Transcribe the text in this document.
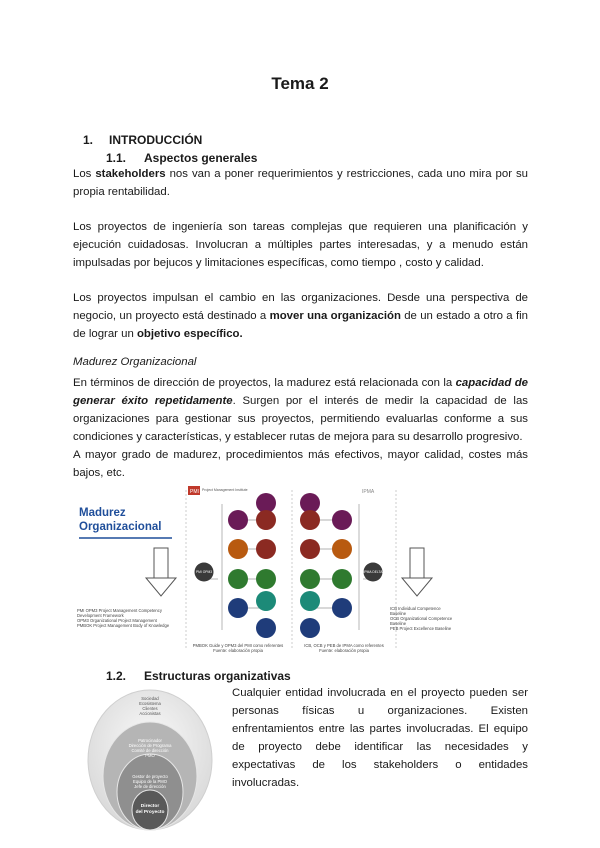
Tema 2
1. INTRODUCCIÓN
1.1. Aspectos generales

Los stakeholders nos van a poner requerimientos y restricciones, cada uno mira por su propia rentabilidad.

Los proyectos de ingeniería son tareas complejas que requieren una planificación y ejecución cuidadosas. Involucran a múltiples partes interesadas, y a menudo están impulsadas por bejucos y limitaciones específicas, como tiempo , costo y calidad.

Los proyectos impulsan el cambio en las organizaciones. Desde una perspectiva de negocio, un proyecto está destinado a mover una organización de un estado a otro a fin de lograr un objetivo específico.

Madurez Organizacional

En términos de dirección de proyectos, la madurez está relacionada con la capacidad de generar éxito repetidamente. Surgen por el interés de medir la capacidad de las organizaciones para gestionar sus proyectos, permitiendo evaluarlas conforme a sus condiciones y características, y establecer rutas de mejora para su desarrollo progresivo.

A mayor grado de madurez, procedimientos más efectivos, mayor calidad, costes más bajos, etc.

Madurez
Organizacional
PMI Project Management Institute	IPMA
PMI OPM3	IPMA DELTA
PMI OPM3 Project Management Competency
Development Framework
OPM3 Organizational Project Management
PMBOK Project Management Body of Knowledge
ICB Individual Competence
Baseline
OCB Organizational Competence
Baseline
PEB Project Excellence Baseline
PMBOK Guide y OPM3 del PMI como referentes
Fuente: elaboración propia
ICB, OCB y PEB de IPMA como referentes
Fuente: elaboración propia
1.2. Estructuras organizativas
Sociedad
Ecosistema
Clientes
Accionistas
Patrocinador
Dirección de Programa
Comité de dirección
PMO
Gestor de proyecto
Equipo de la PMO
Jefe de dirección
Director
del Proyecto

Cualquier entidad involucrada en el proyecto pueden ser personas físicas u organizaciones. Existen enfrentamientos entre las partes involucradas. El equipo de proyecto debe identificar las necesidades y expectativas de los stakeholders o entidades involucradas.
